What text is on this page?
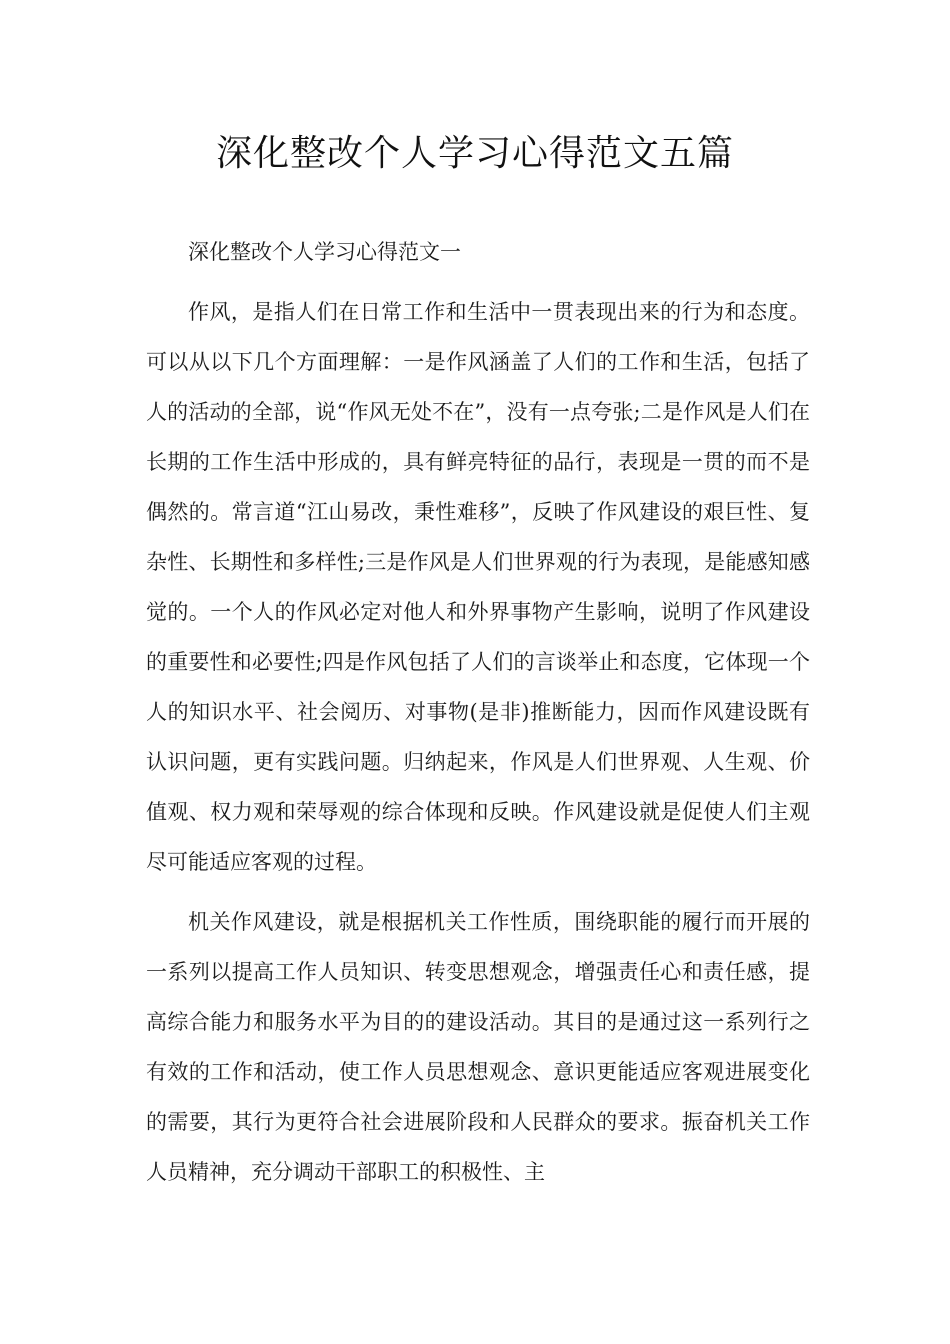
深化整改个人学习心得范文五篇

深化整改个人学习心得范文一

作风，是指人们在日常工作和生活中一贯表现出来的行为和态度。可以从以下几个方面理解：一是作风涵盖了人们的工作和生活，包括了人的活动的全部，说“作风无处不在”，没有一点夸张;二是作风是人们在长期的工作生活中形成的，具有鲜亮特征的品行，表现是一贯的而不是偶然的。常言道“江山易改，秉性难移”，反映了作风建设的艰巨性、复杂性、长期性和多样性;三是作风是人们世界观的行为表现，是能感知感觉的。一个人的作风必定对他人和外界事物产生影响，说明了作风建设的重要性和必要性;四是作风包括了人们的言谈举止和态度，它体现一个人的知识水平、社会阅历、对事物(是非)推断能力，因而作风建设既有认识问题，更有实践问题。归纳起来，作风是人们世界观、人生观、价值观、权力观和荣辱观的综合体现和反映。作风建设就是促使人们主观尽可能适应客观的过程。

机关作风建设，就是根据机关工作性质，围绕职能的履行而开展的一系列以提高工作人员知识、转变思想观念，增强责任心和责任感，提高综合能力和服务水平为目的的建设活动。其目的是通过这一系列行之有效的工作和活动，使工作人员思想观念、意识更能适应客观进展变化的需要，其行为更符合社会进展阶段和人民群众的要求。振奋机关工作人员精神，充分调动干部职工的积极性、主
